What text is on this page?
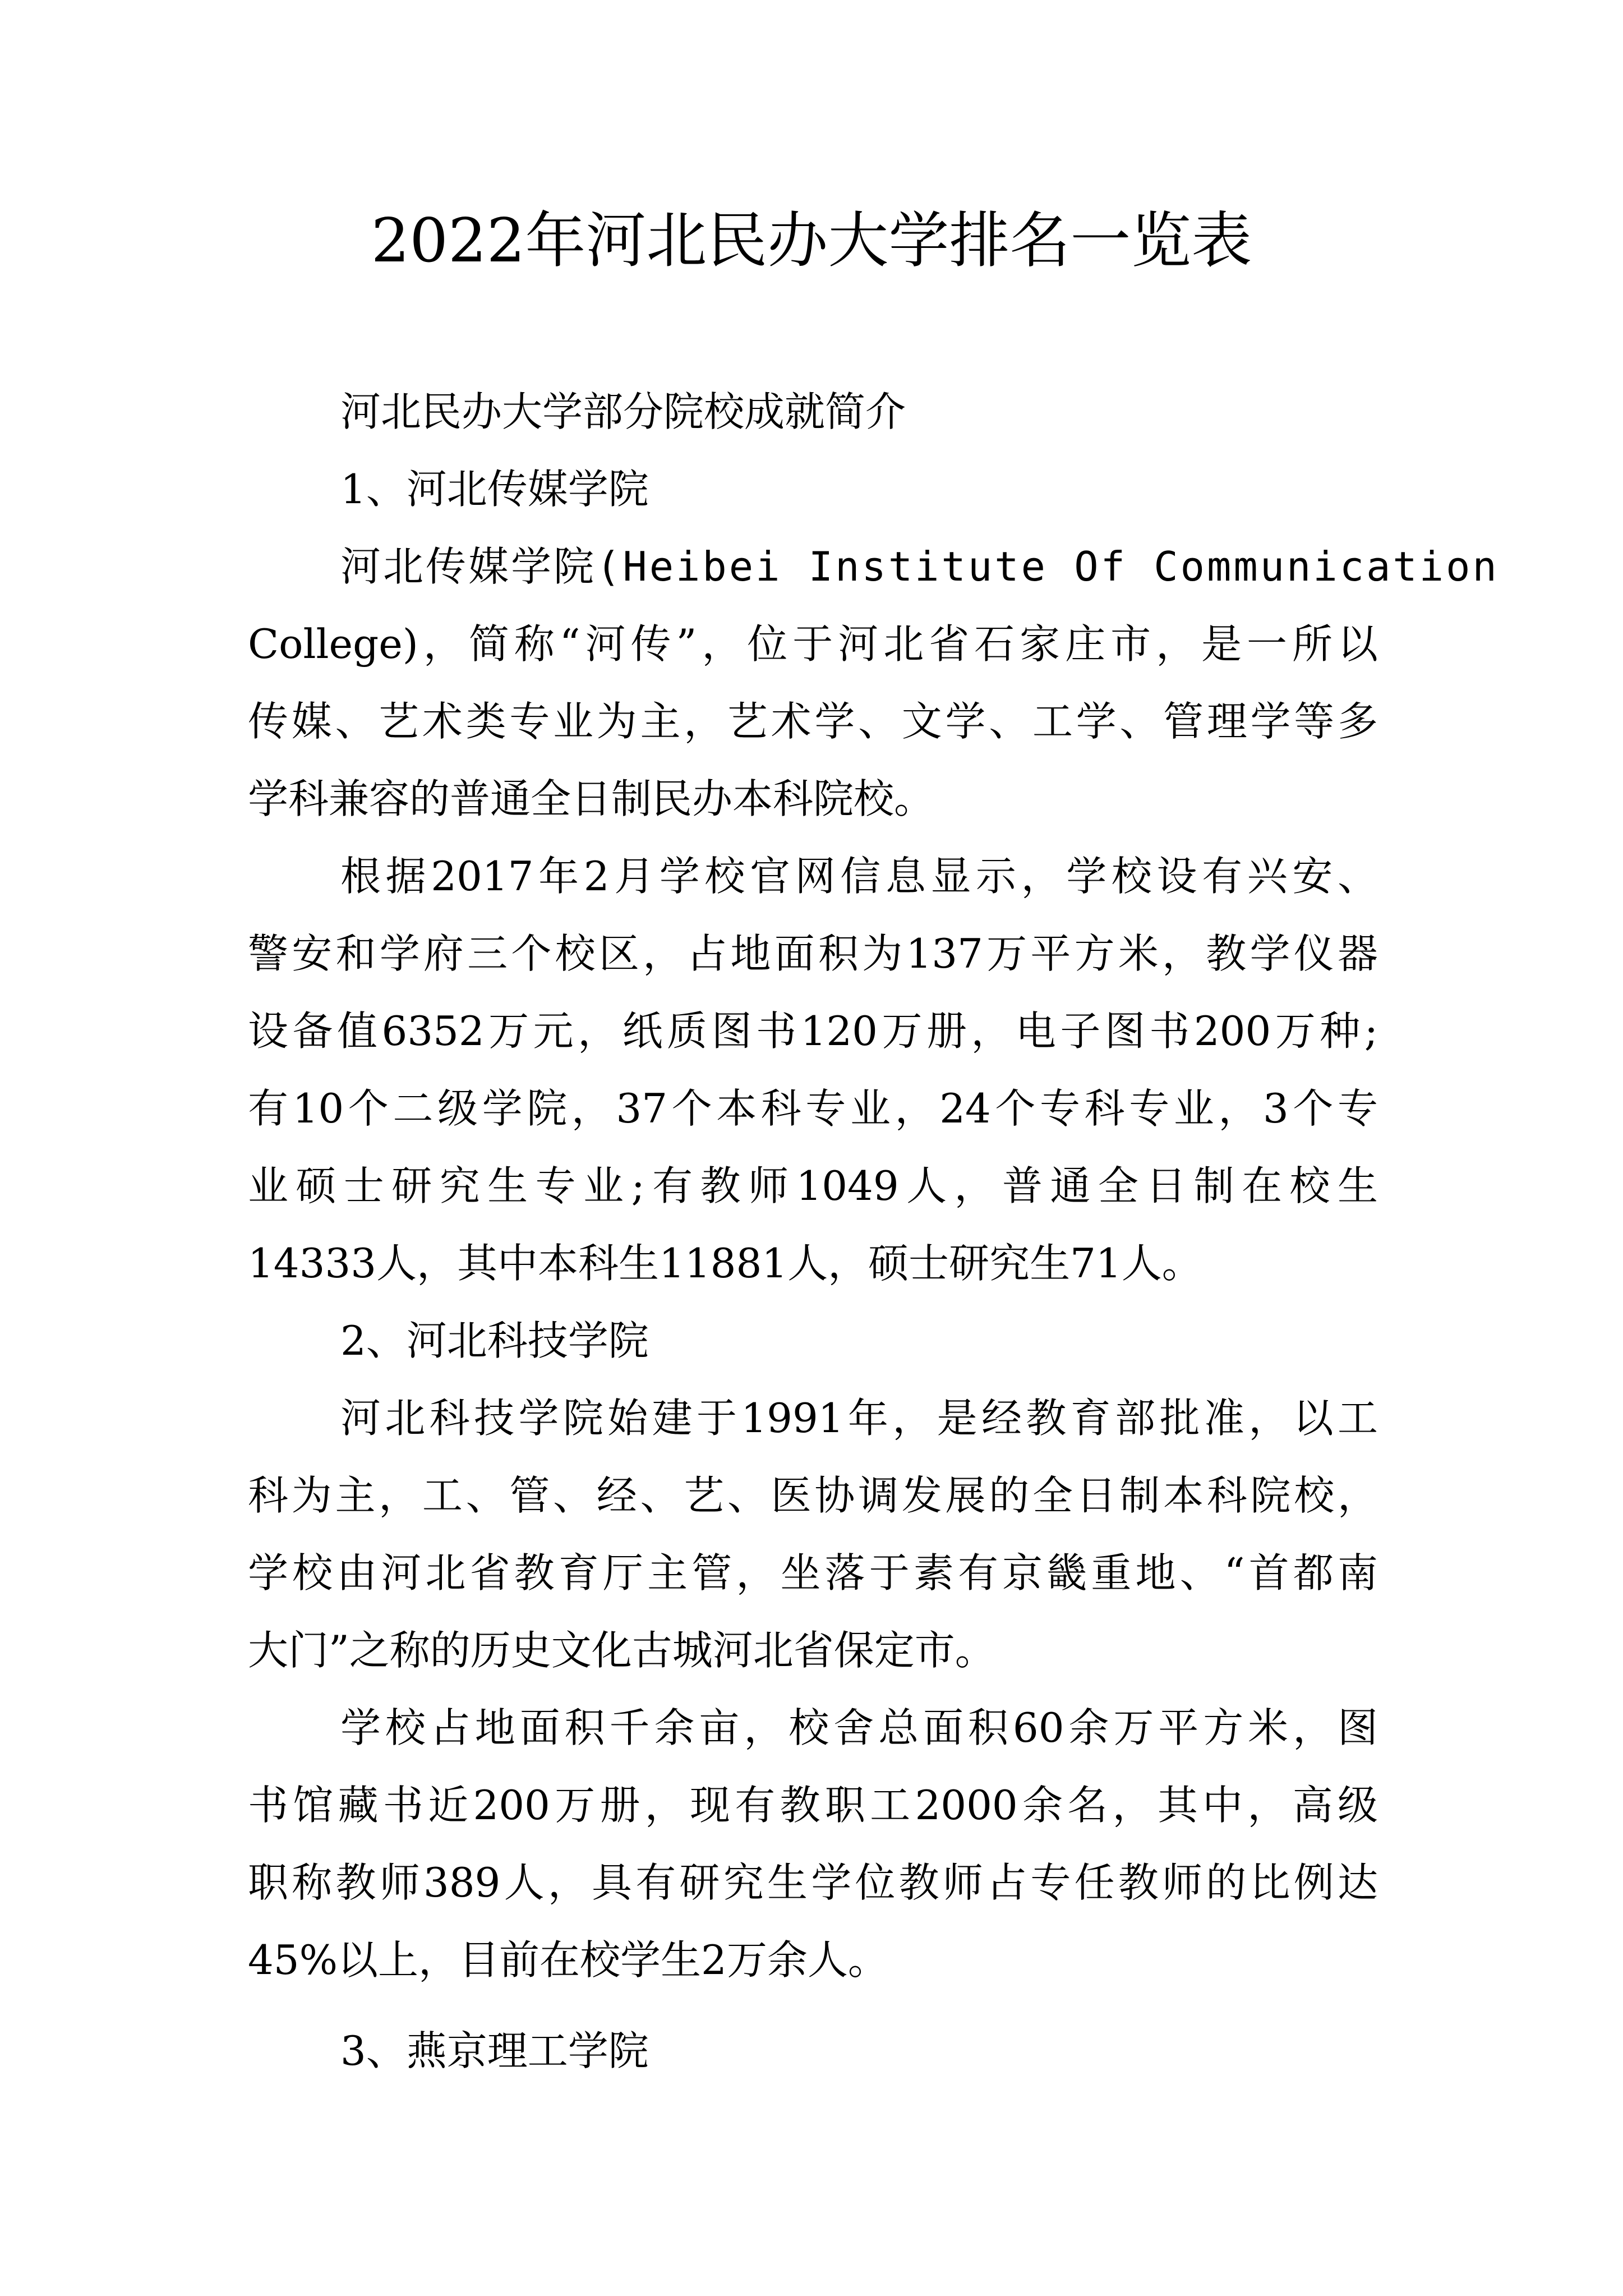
2022年河北民办大学排名一览表
河北民办大学部分院校成就简介
1、河北传媒学院
河北传媒学院(Heibei Institute Of Communication
College)，简称“河传”，位于河北省石家庄市，是一所以
传媒、艺术类专业为主，艺术学、文学、工学、管理学等多
学科兼容的普通全日制民办本科院校。
根据2017年2月学校官网信息显示，学校设有兴安、
警安和学府三个校区，占地面积为137万平方米，教学仪器
设备值6352万元，纸质图书120万册，电子图书200万种;
有10个二级学院，37个本科专业，24个专科专业，3个专
业硕士研究生专业;有教师1049人，普通全日制在校生
14333人，其中本科生11881人，硕士研究生71人。
2、河北科技学院
河北科技学院始建于1991年，是经教育部批准，以工
科为主，工、管、经、艺、医协调发展的全日制本科院校，
学校由河北省教育厅主管，坐落于素有京畿重地、“首都南
大门”之称的历史文化古城河北省保定市。
学校占地面积千余亩，校舍总面积60余万平方米，图
书馆藏书近200万册，现有教职工2000余名，其中，高级
职称教师389人，具有研究生学位教师占专任教师的比例达
45%以上，目前在校学生2万余人。
3、燕京理工学院
